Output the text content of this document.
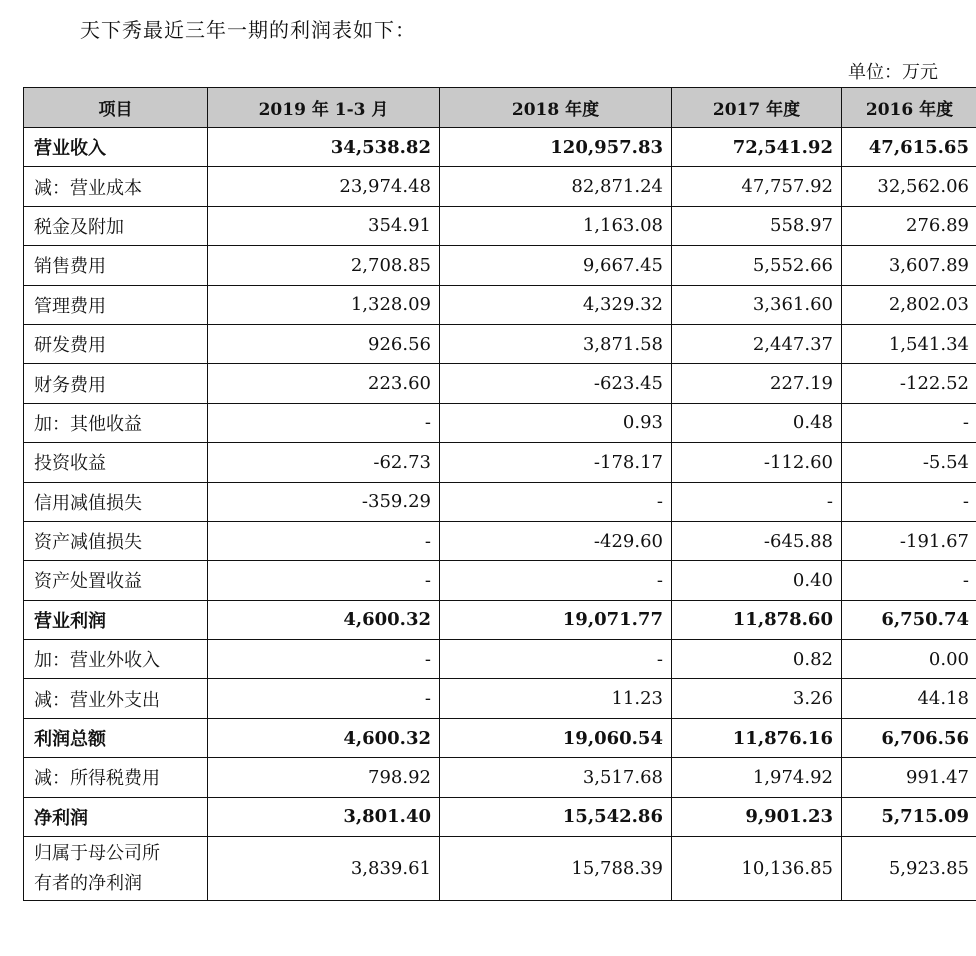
天下秀最近三年一期的利润表如下：
单位：万元
项目	2019 年 1-3 月	2018 年度	2017 年度	2016 年度
营业收入	34,538.82	120,957.83	72,541.92	47,615.65
减：营业成本	23,974.48	82,871.24	47,757.92	32,562.06
税金及附加	354.91	1,163.08	558.97	276.89
销售费用	2,708.85	9,667.45	5,552.66	3,607.89
管理费用	1,328.09	4,329.32	3,361.60	2,802.03
研发费用	926.56	3,871.58	2,447.37	1,541.34
财务费用	223.60	-623.45	227.19	-122.52
加：其他收益	-	0.93	0.48	-
投资收益	-62.73	-178.17	-112.60	-5.54
信用减值损失	-359.29	-	-	-
资产减值损失	-	-429.60	-645.88	-191.67
资产处置收益	-	-	0.40	-
营业利润	4,600.32	19,071.77	11,878.60	6,750.74
加：营业外收入	-	-	0.82	0.00
减：营业外支出	-	11.23	3.26	44.18
利润总额	4,600.32	19,060.54	11,876.16	6,706.56
减：所得税费用	798.92	3,517.68	1,974.92	991.47
净利润	3,801.40	15,542.86	9,901.23	5,715.09
归属于母公司所
有者的净利润	3,839.61	15,788.39	10,136.85	5,923.85
